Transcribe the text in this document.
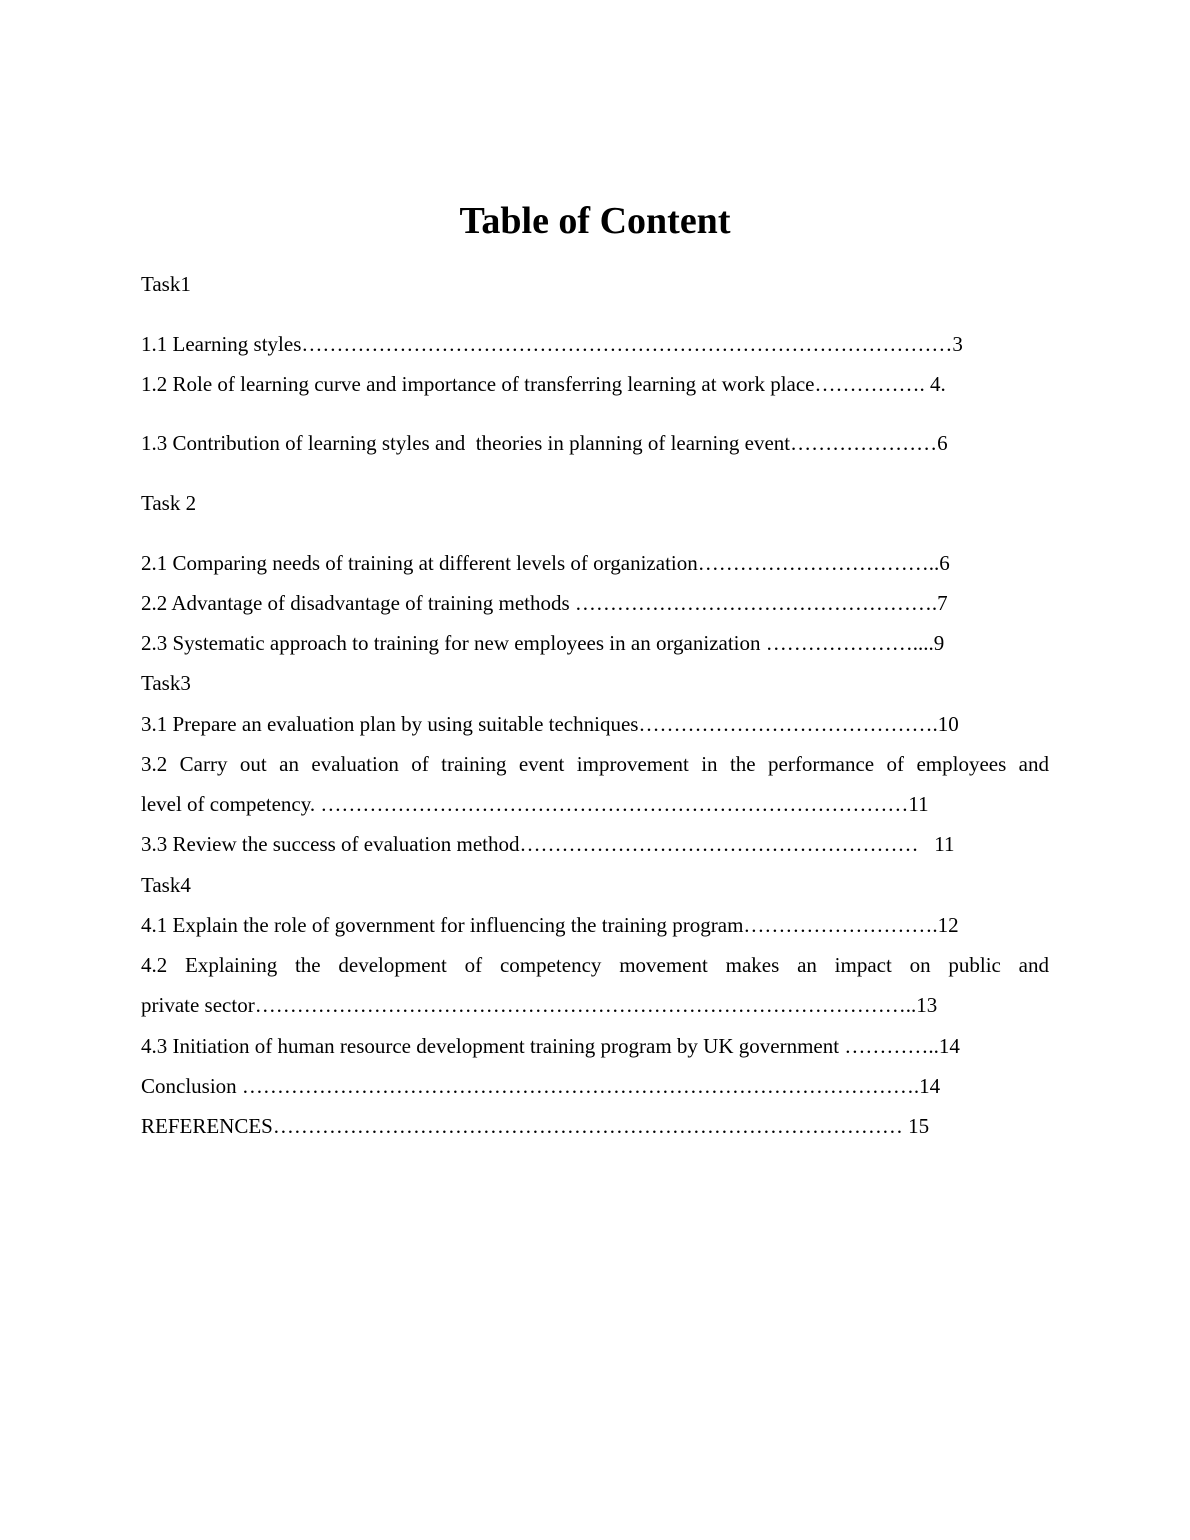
Table of Content
Task1
1.1 Learning styles…………………………………………………………………………………3
1.2 Role of learning curve and importance of transferring learning at work place……………. 4.
1.3 Contribution of learning styles and  theories in planning of learning event…………………6
Task 2
2.1 Comparing needs of training at different levels of organization……………………………..6
2.2 Advantage of disadvantage of training methods …………………………………………….7
2.3 Systematic approach to training for new employees in an organization …………………....9
Task3
3.1 Prepare an evaluation plan by using suitable techniques…………………………………….10
3.2 Carry out an evaluation of training event improvement in the performance of employees and
level of competency. …………………………………………………………………………11
3.3 Review the success of evaluation method…………………………………………………   11
Task4
4.1 Explain the role of government for influencing the training program……………………….12
4.2 Explaining the development of competency movement makes an impact on public and
private sector…………………………………………………………………………………..13
4.3 Initiation of human resource development training program by UK government …………..14
Conclusion …………………………………………………………………………………….14
REFERENCES……………………………………………………………………………… 15
